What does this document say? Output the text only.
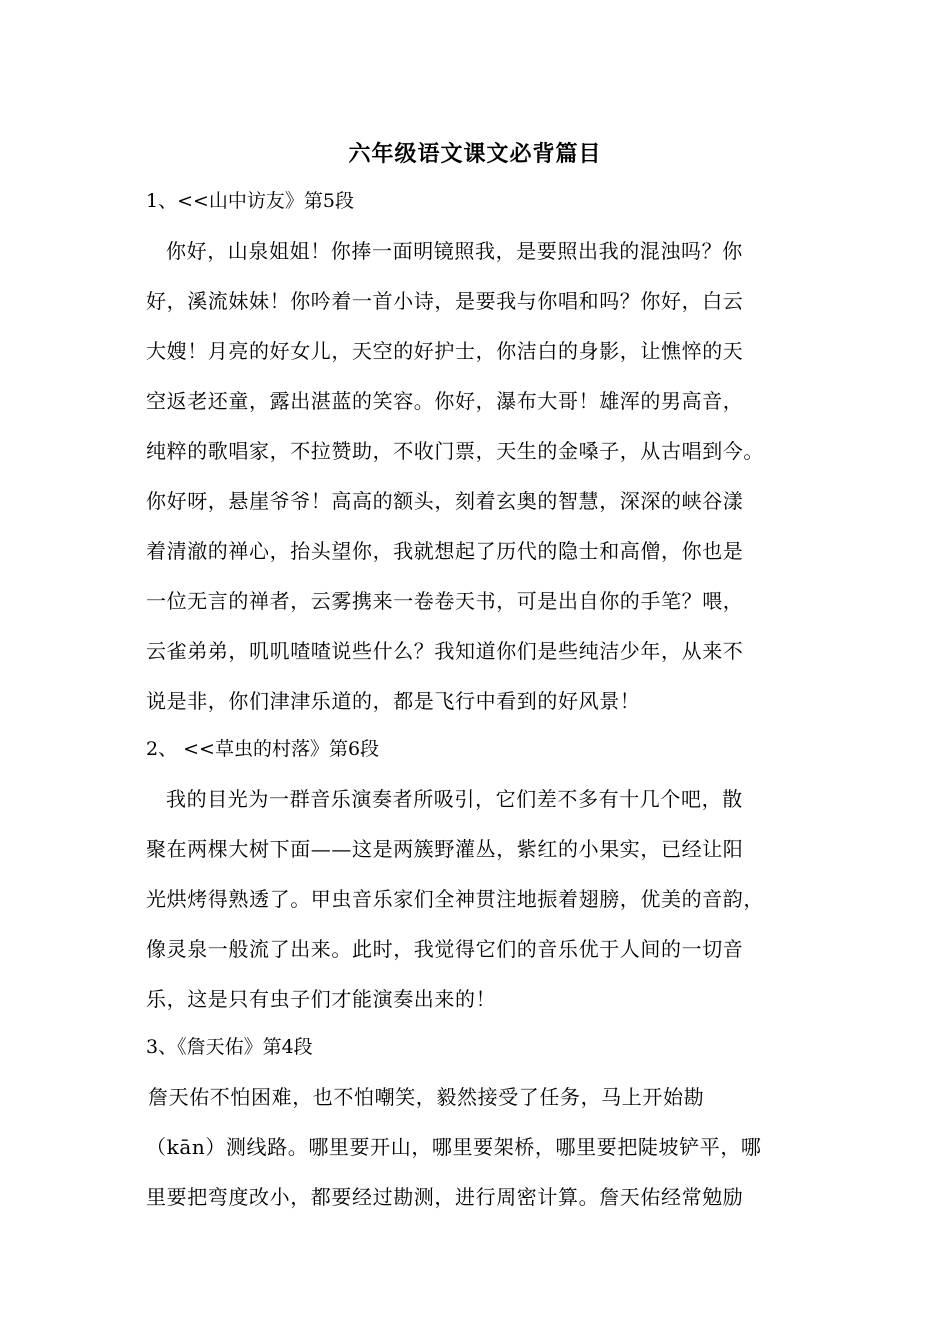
六年级语文课文必背篇目
1、<<山中访友》第5段
你好，山泉姐姐！你捧一面明镜照我，是要照出我的混浊吗？你
好，溪流妹妹！你吟着一首小诗，是要我与你唱和吗？你好，白云
大嫂！月亮的好女儿，天空的好护士，你洁白的身影，让憔悴的天
空返老还童，露出湛蓝的笑容。你好，瀑布大哥！雄浑的男高音，
纯粹的歌唱家，不拉赞助，不收门票，天生的金嗓子，从古唱到今。
你好呀，悬崖爷爷！高高的额头，刻着玄奥的智慧，深深的峡谷漾
着清澈的禅心，抬头望你，我就想起了历代的隐士和高僧，你也是
一位无言的禅者，云雾携来一卷卷天书，可是出自你的手笔？喂，
云雀弟弟，叽叽喳喳说些什么？我知道你们是些纯洁少年，从来不
说是非，你们津津乐道的，都是飞行中看到的好风景！
2、 <<草虫的村落》第6段
我的目光为一群音乐演奏者所吸引，它们差不多有十几个吧，散
聚在两棵大树下面——这是两簇野灌丛，紫红的小果实，已经让阳
光烘烤得熟透了。甲虫音乐家们全神贯注地振着翅膀，优美的音韵，
像灵泉一般流了出来。此时，我觉得它们的音乐优于人间的一切音
乐，这是只有虫子们才能演奏出来的！
3、《詹天佑》第4段
詹天佑不怕困难，也不怕嘲笑，毅然接受了任务，马上开始勘
（kān）测线路。哪里要开山，哪里要架桥，哪里要把陡坡铲平，哪
里要把弯度改小，都要经过勘测，进行周密计算。詹天佑经常勉励
